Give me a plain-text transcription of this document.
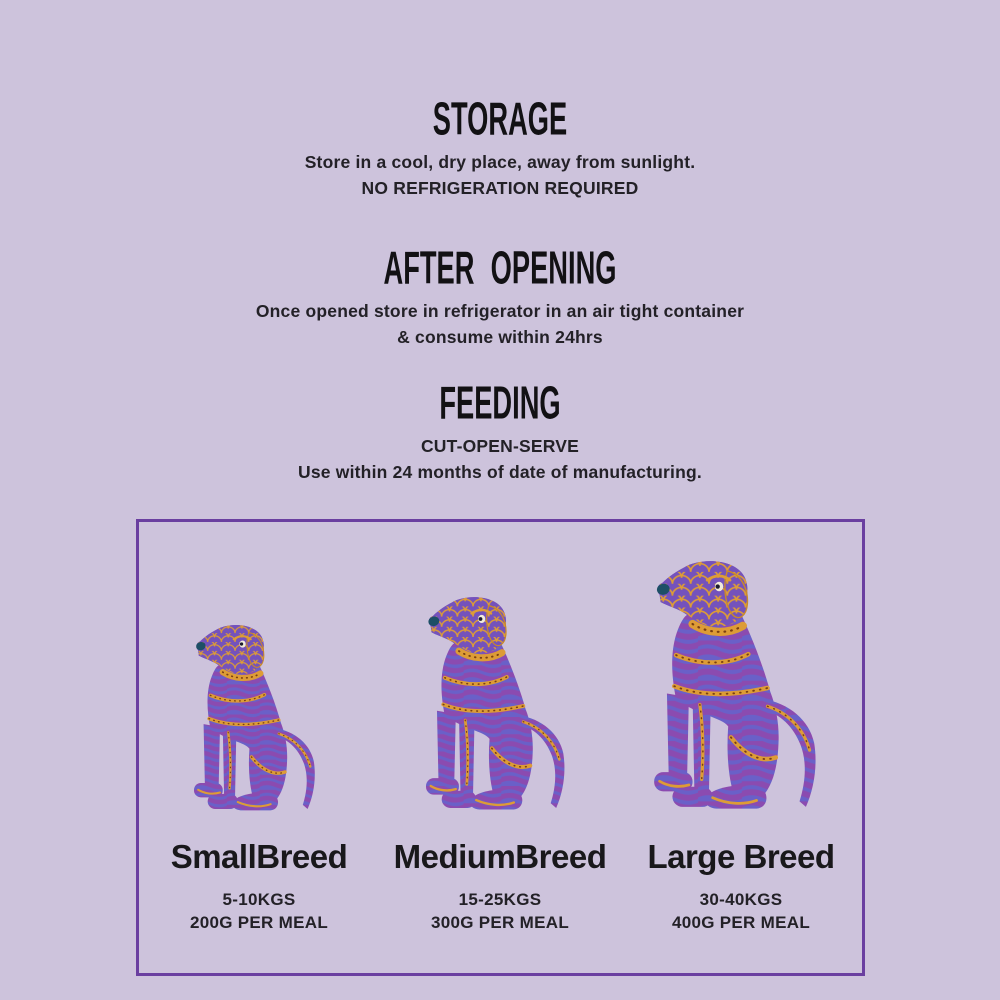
STORAGE
Store in a cool, dry place, away from sunlight.
NO REFRIGERATION REQUIRED
AFTER OPENING
Once opened store in refrigerator in an air tight container
& consume within 24hrs
FEEDING
CUT-OPEN-SERVE
Use within 24 months of date of manufacturing.
SmallBreed
5-10KGS
200G PER MEAL
MediumBreed
15-25KGS
300G PER MEAL
Large Breed
30-40KGS
400G PER MEAL
